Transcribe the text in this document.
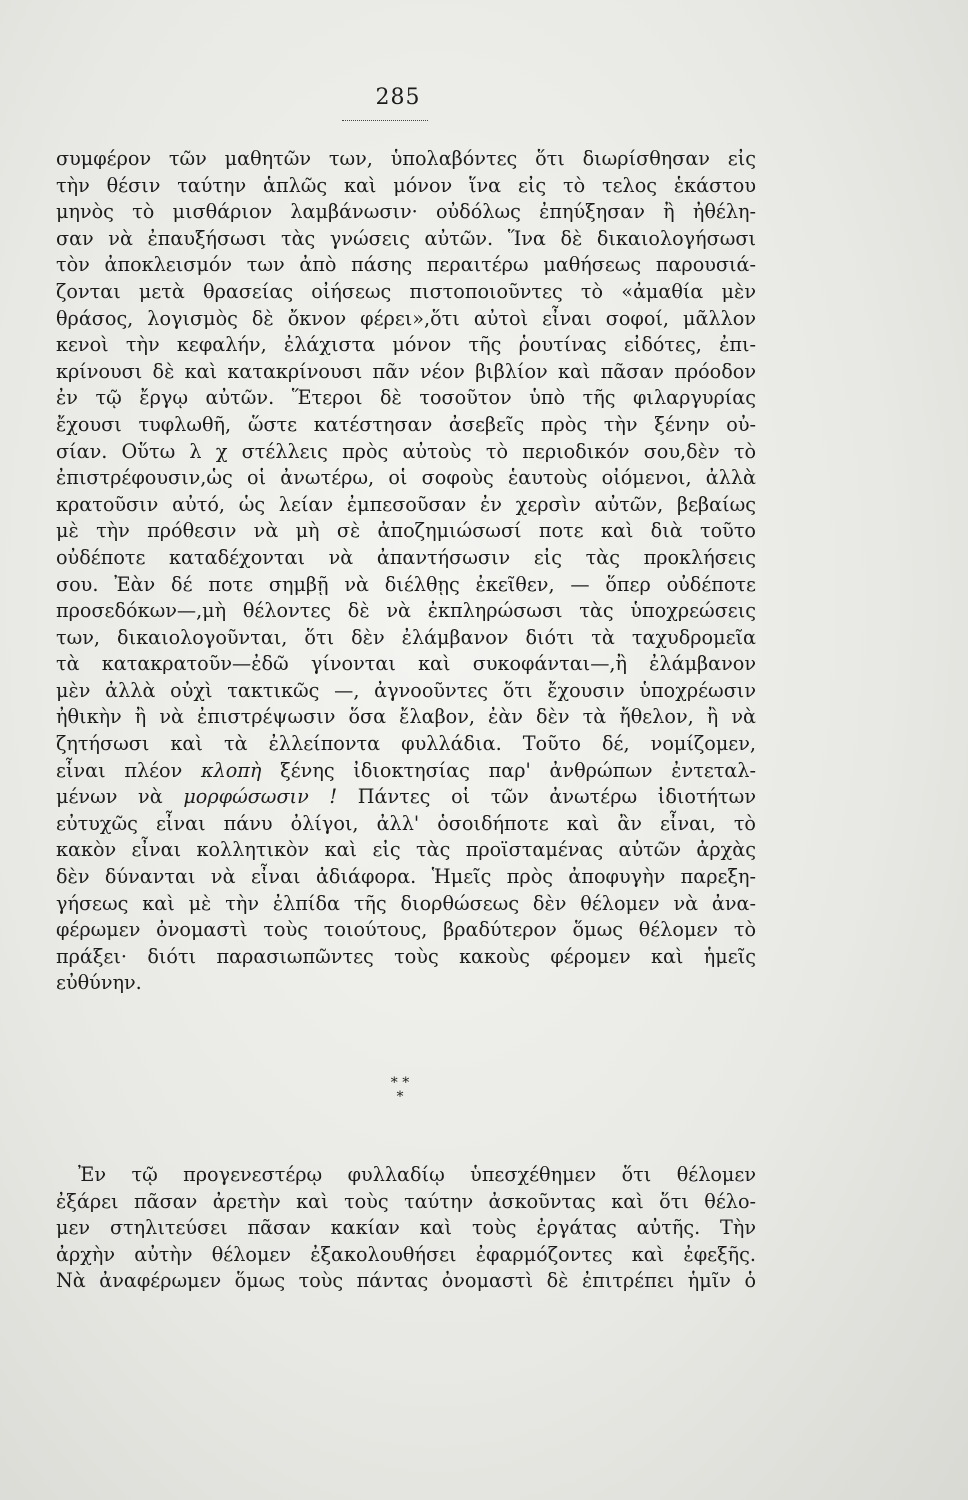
285
συμφέρον τῶν μαθητῶν των, ὑπολαβόντες ὅτι διωρίσθησαν εἰς
τὴν θέσιν ταύτην ἁπλῶς καὶ μόνον ἵνα εἰς τὸ τελος ἑκάστου
μηνὸς τὸ μισθάριον λαμβάνωσιν· οὐδόλως ἐπηύξησαν ἢ ἠθέλη-
σαν νὰ ἐπαυξήσωσι τὰς γνώσεις αὐτῶν. Ἵνα δὲ δικαιολογήσωσι
τὸν ἀποκλεισμόν των ἀπὸ πάσης περαιτέρω μαθήσεως παρουσιά-
ζονται μετὰ θρασείας οἰήσεως πιστοποιοῦντες τὸ «ἀμαθία μὲν
θράσος, λογισμὸς δὲ ὄκνον φέρει»,ὅτι αὐτοὶ εἶναι σοφοί, μᾶλλον
κενοὶ τὴν κεφαλήν, ἐλάχιστα μόνον τῆς ῥουτίνας εἰδότες, ἐπι-
κρίνουσι δὲ καὶ κατακρίνουσι πᾶν νέον βιβλίον καὶ πᾶσαν πρόοδον
ἐν τῷ ἔργῳ αὐτῶν. Ἕτεροι δὲ τοσοῦτον ὑπὸ τῆς φιλαργυρίας
ἔχουσι τυφλωθῆ, ὥστε κατέστησαν ἀσεβεῖς πρὸς τὴν ξένην οὐ-
σίαν. Οὕτω λ χ στέλλεις πρὸς αὐτοὺς τὸ περιοδικόν σου,δὲν τὸ
ἐπιστρέφουσιν,ὡς οἱ ἀνωτέρω, οἱ σοφοὺς ἑαυτοὺς οἰόμενοι, ἀλλὰ
κρατοῦσιν αὐτό, ὡς λείαν ἐμπεσοῦσαν ἐν χερσὶν αὐτῶν, βεβαίως
μὲ τὴν πρόθεσιν νὰ μὴ σὲ ἀποζημιώσωσί ποτε καὶ διὰ τοῦτο
οὐδέποτε καταδέχονται νὰ ἀπαντήσωσιν εἰς τὰς προκλήσεις
σου. Ἐὰν δέ ποτε σημβῇ νὰ διέλθῃς ἐκεῖθεν, — ὅπερ οὐδέποτε
προσεδόκων—,μὴ θέλοντες δὲ νὰ ἐκπληρώσωσι τὰς ὑποχρεώσεις
των, δικαιολογοῦνται, ὅτι δὲν ἐλάμβανον διότι τὰ ταχυδρομεῖα
τὰ κατακρατοῦν—ἐδῶ γίνονται καὶ συκοφάνται—,ἢ ἐλάμβανον
μὲν ἀλλὰ οὐχὶ τακτικῶς —, ἀγνοοῦντες ὅτι ἔχουσιν ὑποχρέωσιν
ἠθικὴν ἢ νὰ ἐπιστρέψωσιν ὅσα ἔλαβον, ἐὰν δὲν τὰ ἤθελον, ἢ νὰ
ζητήσωσι καὶ τὰ ἐλλείποντα φυλλάδια. Τοῦτο δέ, νομίζομεν,
εἶναι πλέον κλοπὴ ξένης ἰδιοκτησίας παρ' ἀνθρώπων ἐντεταλ-
μένων νὰ μορφώσωσιν ! Πάντες οἱ τῶν ἀνωτέρω ἰδιοτήτων
εὐτυχῶς εἶναι πάνυ ὀλίγοι, ἀλλ' ὁσοιδήποτε καὶ ἂν εἶναι, τὸ
κακὸν εἶναι κολλητικὸν καὶ εἰς τὰς προϊσταμένας αὐτῶν ἀρχὰς
δὲν δύνανται νὰ εἶναι ἀδιάφορα. Ἡμεῖς πρὸς ἀποφυγὴν παρεξη-
γήσεως καὶ μὲ τὴν ἐλπίδα τῆς διορθώσεως δὲν θέλομεν νὰ ἀνα-
φέρωμεν ὀνομαστὶ τοὺς τοιούτους, βραδύτερον ὅμως θέλομεν τὸ
πράξει· διότι παρασιωπῶντες τοὺς κακοὺς φέρομεν καὶ ἡμεῖς
εὐθύνην.
* *
*
Ἐν τῷ προγενεστέρῳ φυλλαδίῳ ὑπεσχέθημεν ὅτι θέλομεν
ἐξάρει πᾶσαν ἀρετὴν καὶ τοὺς ταύτην ἀσκοῦντας καὶ ὅτι θέλο-
μεν στηλιτεύσει πᾶσαν κακίαν καὶ τοὺς ἐργάτας αὐτῆς. Τὴν
ἀρχὴν αὐτὴν θέλομεν ἐξακολουθήσει ἐφαρμόζοντες καὶ ἐφεξῆς.
Νὰ ἀναφέρωμεν ὅμως τοὺς πάντας ὀνομαστὶ δὲ ἐπιτρέπει ἡμῖν ὁ
